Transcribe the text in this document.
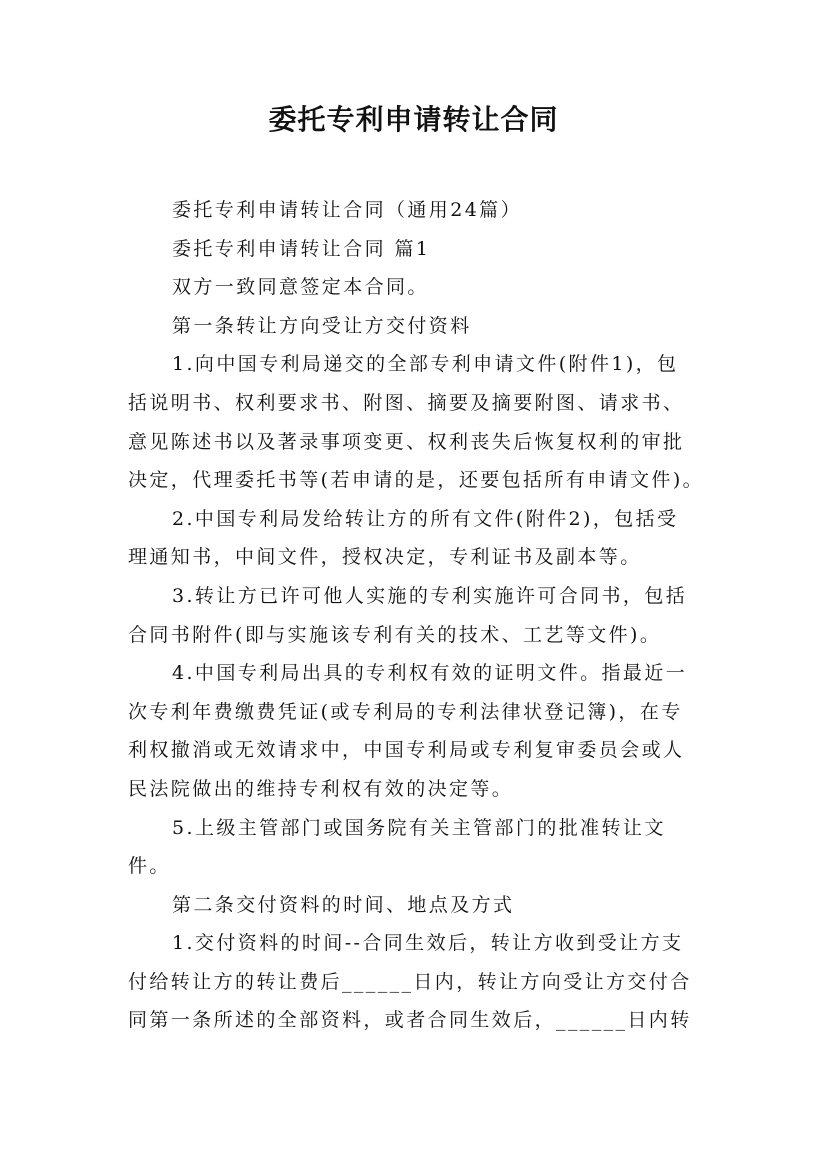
委托专利申请转让合同
委托专利申请转让合同（通用24篇）
委托专利申请转让合同 篇1
双方一致同意签定本合同。
第一条转让方向受让方交付资料
1.向中国专利局递交的全部专利申请文件(附件1)，包
括说明书、权利要求书、附图、摘要及摘要附图、请求书、
意见陈述书以及著录事项变更、权利丧失后恢复权利的审批
决定，代理委托书等(若申请的是，还要包括所有申请文件)。
2.中国专利局发给转让方的所有文件(附件2)，包括受
理通知书，中间文件，授权决定，专利证书及副本等。
3.转让方已许可他人实施的专利实施许可合同书，包括
合同书附件(即与实施该专利有关的技术、工艺等文件)。
4.中国专利局出具的专利权有效的证明文件。指最近一
次专利年费缴费凭证(或专利局的专利法律状登记簿)，在专
利权撤消或无效请求中，中国专利局或专利复审委员会或人
民法院做出的维持专利权有效的决定等。
5.上级主管部门或国务院有关主管部门的批准转让文
件。
第二条交付资料的时间、地点及方式
1.交付资料的时间--合同生效后，转让方收到受让方支
付给转让方的转让费后______日内，转让方向受让方交付合
同第一条所述的全部资料，或者合同生效后，______日内转
